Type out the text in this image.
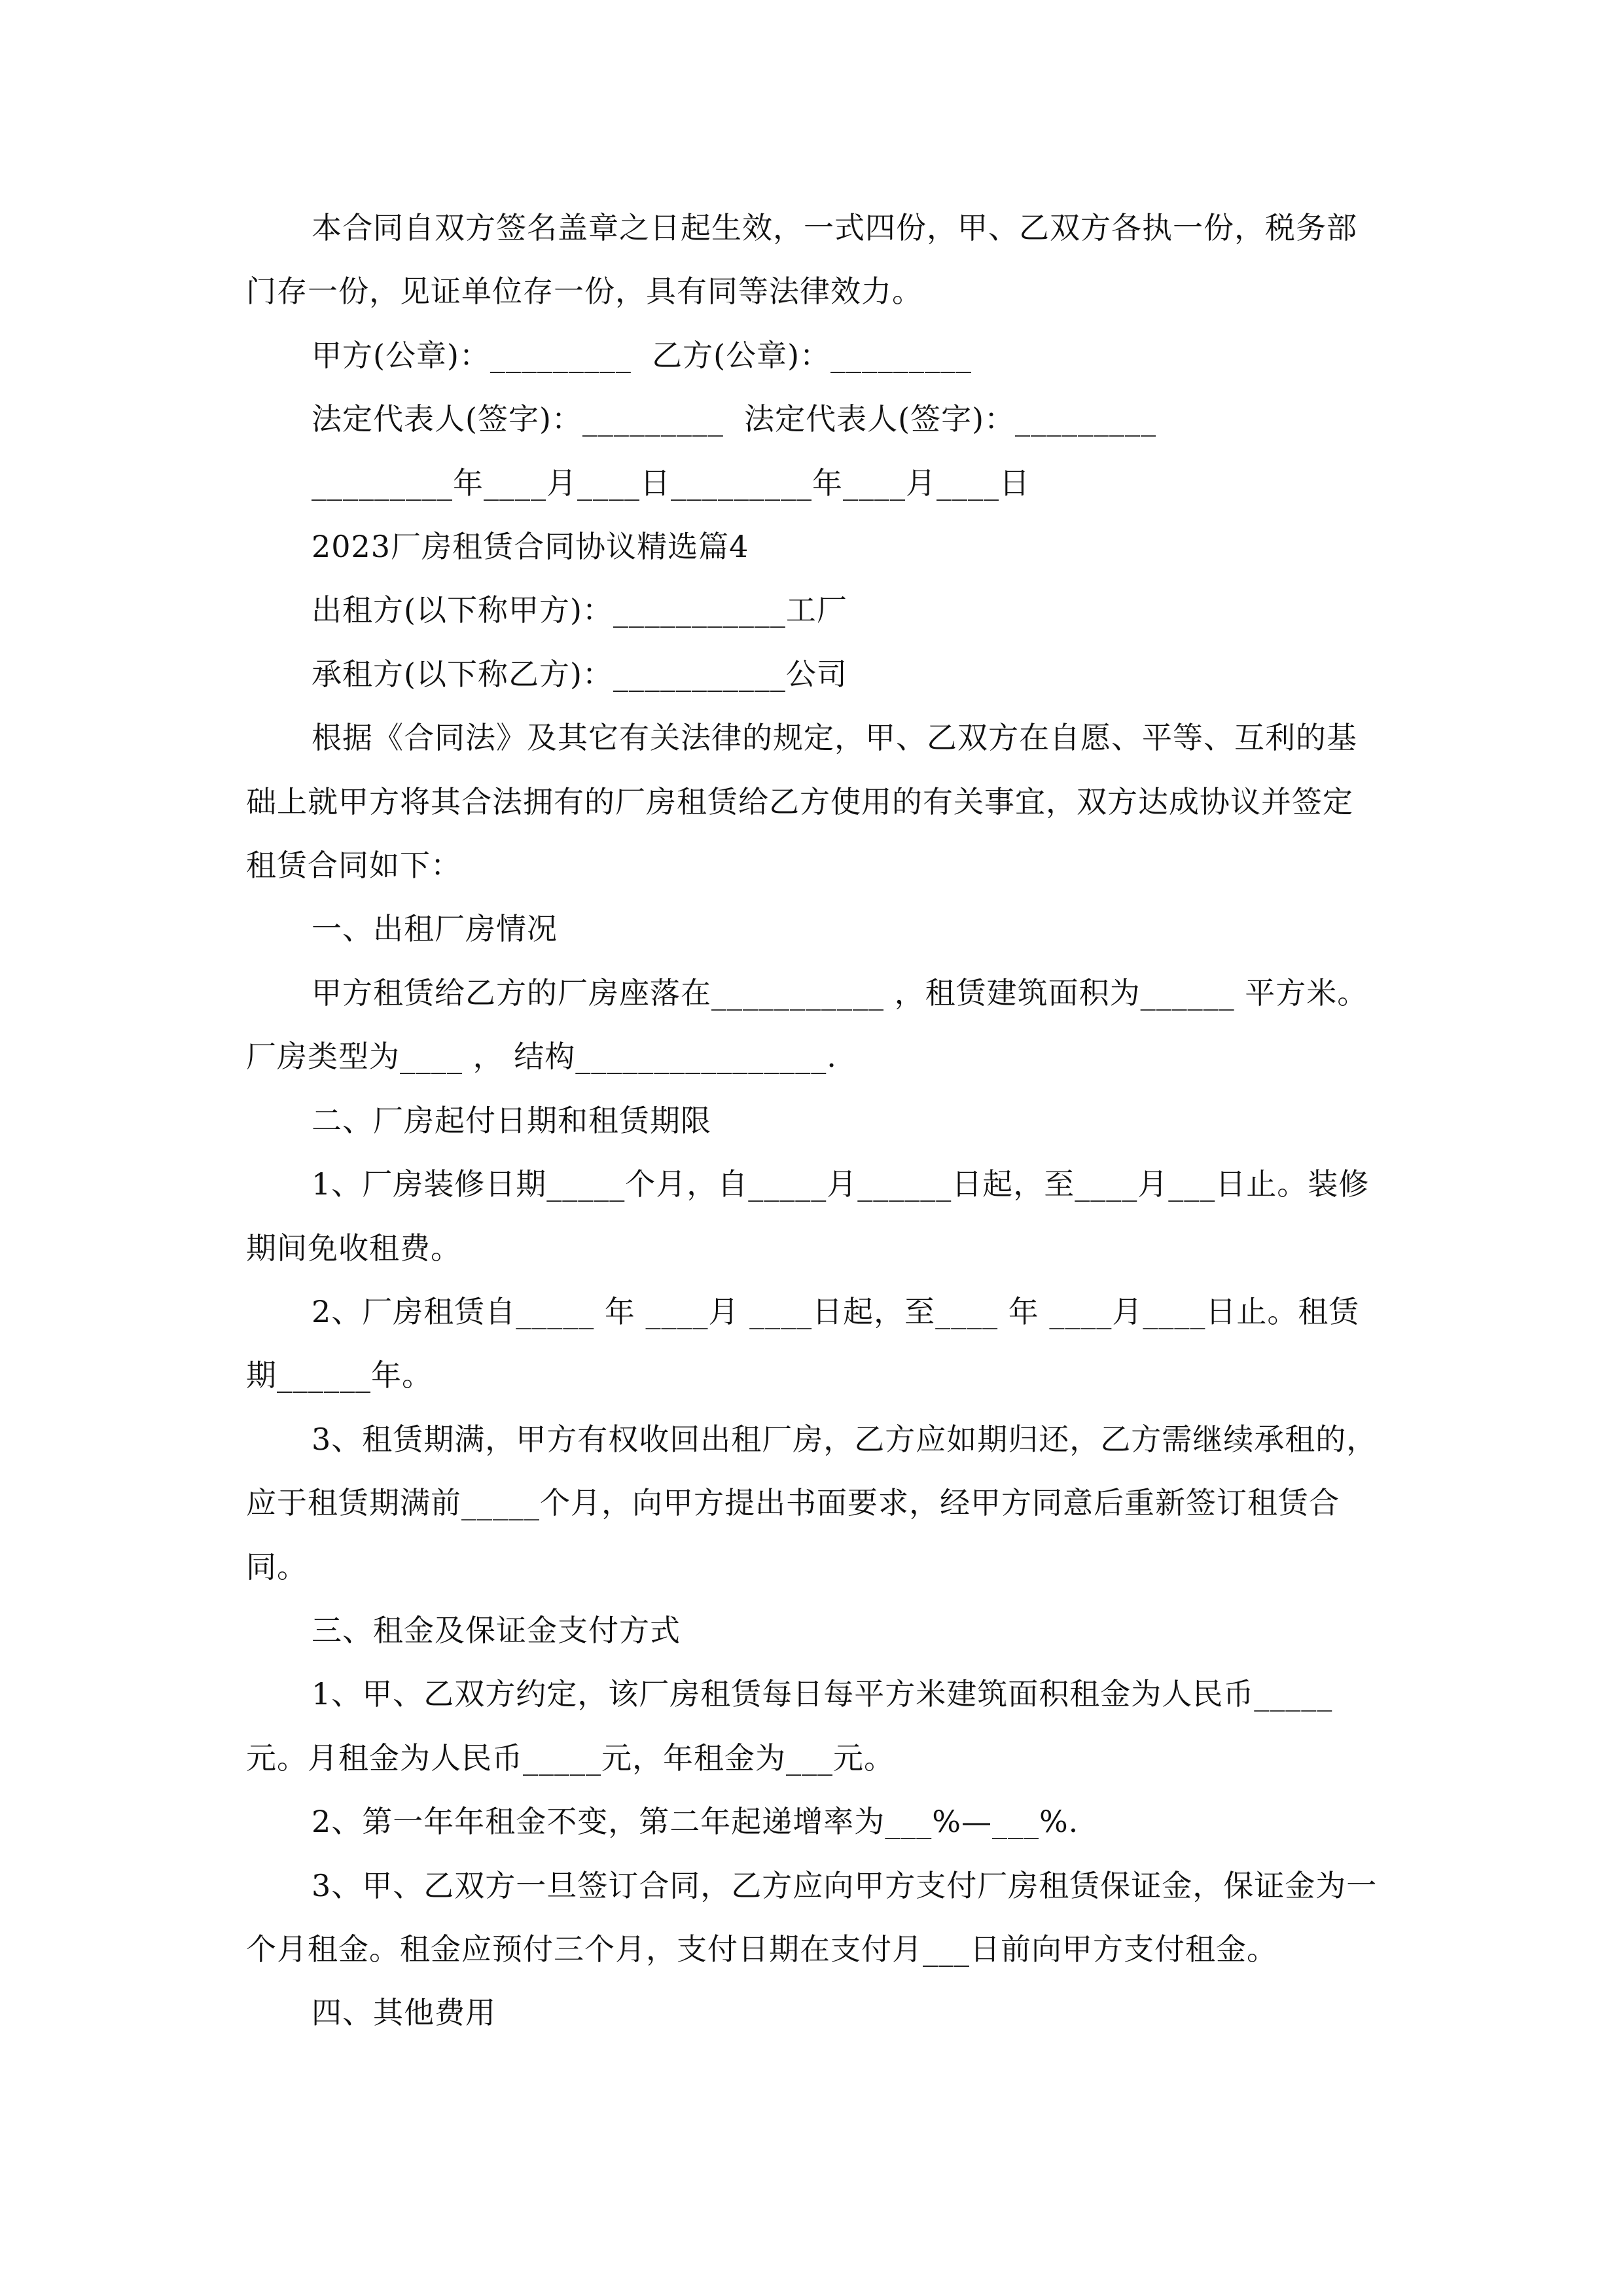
本合同自双方签名盖章之日起生效，一式四份，甲、乙双方各执一份，税务部门存一份，见证单位存一份，具有同等法律效力。

甲方(公章)：_________  乙方(公章)：_________

法定代表人(签字)：_________  法定代表人(签字)：_________

_________年____月____日_________年____月____日

2023厂房租赁合同协议精选篇4

出租方(以下称甲方)：___________工厂

承租方(以下称乙方)：___________公司

根据《合同法》及其它有关法律的规定，甲、乙双方在自愿、平等、互利的基础上就甲方将其合法拥有的厂房租赁给乙方使用的有关事宜，双方达成协议并签定租赁合同如下：

一、出租厂房情况

甲方租赁给乙方的厂房座落在___________ ，租赁建筑面积为______ 平方米。厂房类型为____ ， 结构________________.

二、厂房起付日期和租赁期限

1、厂房装修日期_____个月，自_____月______日起，至____月___日止。装修期间免收租费。

2、厂房租赁自_____ 年 ____月 ____日起，至____ 年 ____月____日止。租赁期______年。

3、租赁期满，甲方有权收回出租厂房，乙方应如期归还，乙方需继续承租的，应于租赁期满前_____个月，向甲方提出书面要求，经甲方同意后重新签订租赁合同。

三、租金及保证金支付方式

1、甲、乙双方约定，该厂房租赁每日每平方米建筑面积租金为人民币_____元。月租金为人民币_____元，年租金为___元。

2、第一年年租金不变，第二年起递增率为___%—___%.

3、甲、乙双方一旦签订合同，乙方应向甲方支付厂房租赁保证金，保证金为一个月租金。租金应预付三个月，支付日期在支付月___日前向甲方支付租金。

四、其他费用
